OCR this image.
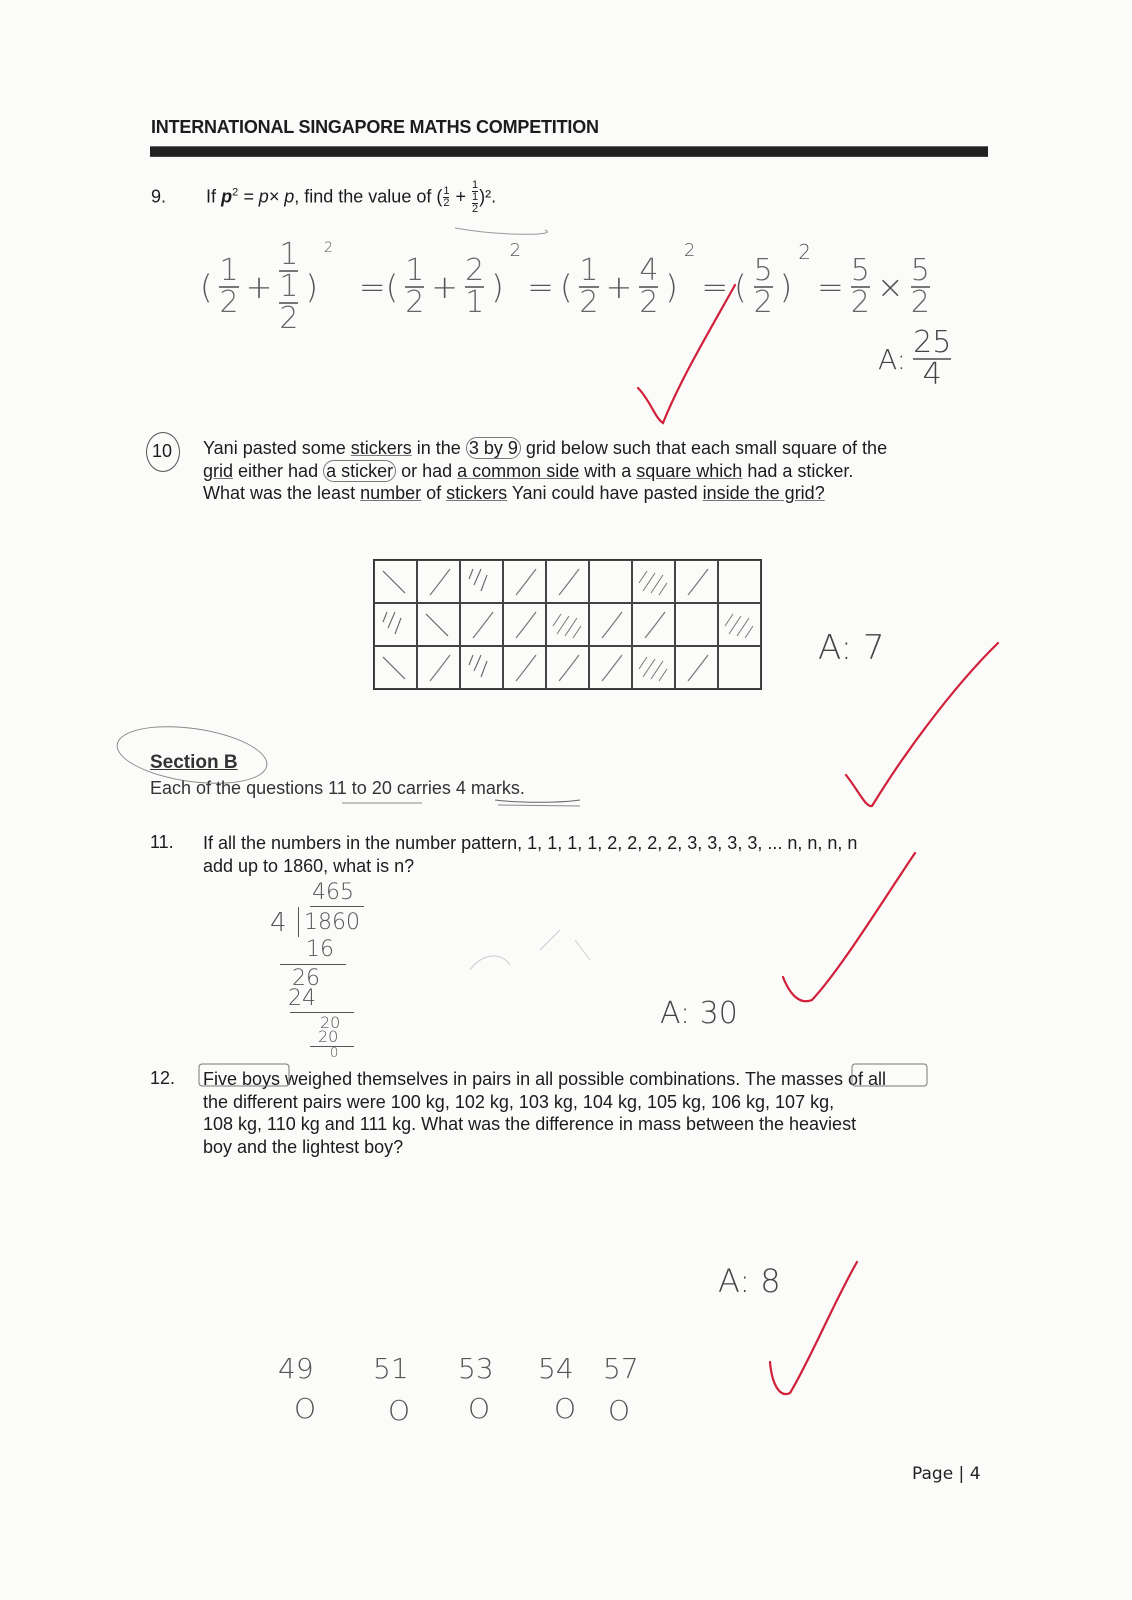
INTERNATIONAL SINGAPORE MATHS COMPETITION
9. If $p^2 = p\times p$, find the value of ( $\frac{1}{2}$ +
1
1
2
)².
( $\frac{1}{2}$ +
1
1
2
)
2
=( $\frac{1}{2} + \frac{2}{1}$ )
2
= ( $\frac{1}{2} + \frac{4}{2}$ )
2
= ( $\frac{5}{2}$ )
2
= $\frac{5}{2} \times \frac{5}{2}$
A: $\frac{25}{4}$
10 Yani pasted some stickers in the 3 by 9 grid below such that each small square of the
grid either had a sticker or had a common side with a square which had a sticker.
What was the least number of stickers Yani could have pasted inside the grid?
A: 7
Section B
Each of the questions 11 to 20 carries 4 marks.
11. If all the numbers in the number pattern, 1, 1, 1, 1, 2, 2, 2, 2, 3, 3, 3, 3, ... n, n, n, n
add up to 1860, what is n?
465
4 1860
16
26
24
20
20
0
A: 30
12. Five boys weighed themselves in pairs in all possible combinations. The masses of all
the different pairs were 100 kg, 102 kg, 103 kg, 104 kg, 105 kg, 106 kg, 107 kg,
108 kg, 110 kg and 111 kg. What was the difference in mass between the heaviest
boy and the lightest boy?
A: 8
49 51 53 54 57
O	O O O O
Page | 4
